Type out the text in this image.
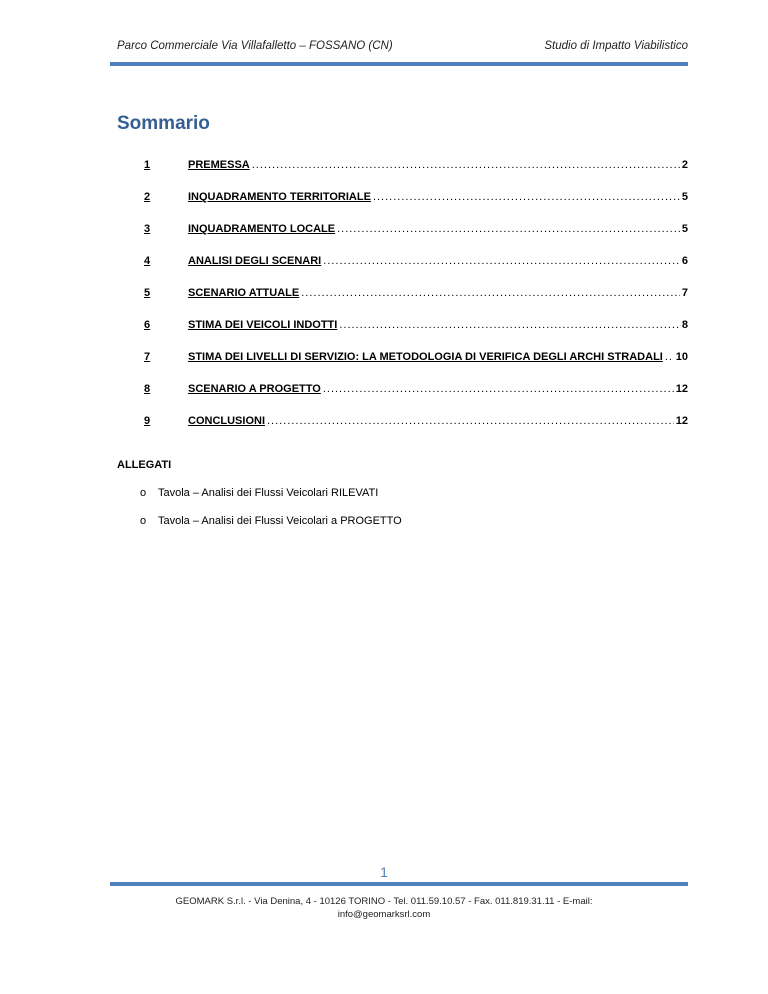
Parco Commerciale Via Villafalletto – FOSSANO (CN)	Studio di Impatto Viabilistico
Sommario
1	PREMESSA .....	2
2	INQUADRAMENTO TERRITORIALE .....	5
3	INQUADRAMENTO LOCALE .....	5
4	ANALISI DEGLI SCENARI .....	6
5	SCENARIO ATTUALE .....	7
6	STIMA DEI VEICOLI INDOTTI .....	8
7	STIMA DEI LIVELLI DI SERVIZIO: LA METODOLOGIA DI VERIFICA DEGLI ARCHI STRADALI ..... 10
8	SCENARIO A PROGETTO .....	12
9	CONCLUSIONI .....	12
ALLEGATI
o	Tavola – Analisi dei Flussi Veicolari RILEVATI
o	Tavola – Analisi dei Flussi Veicolari a PROGETTO
1
GEOMARK S.r.l. - Via Denina, 4 - 10126 TORINO - Tel. 011.59.10.57 - Fax. 011.819.31.11 - E-mail:
info@geomarksrl.com
